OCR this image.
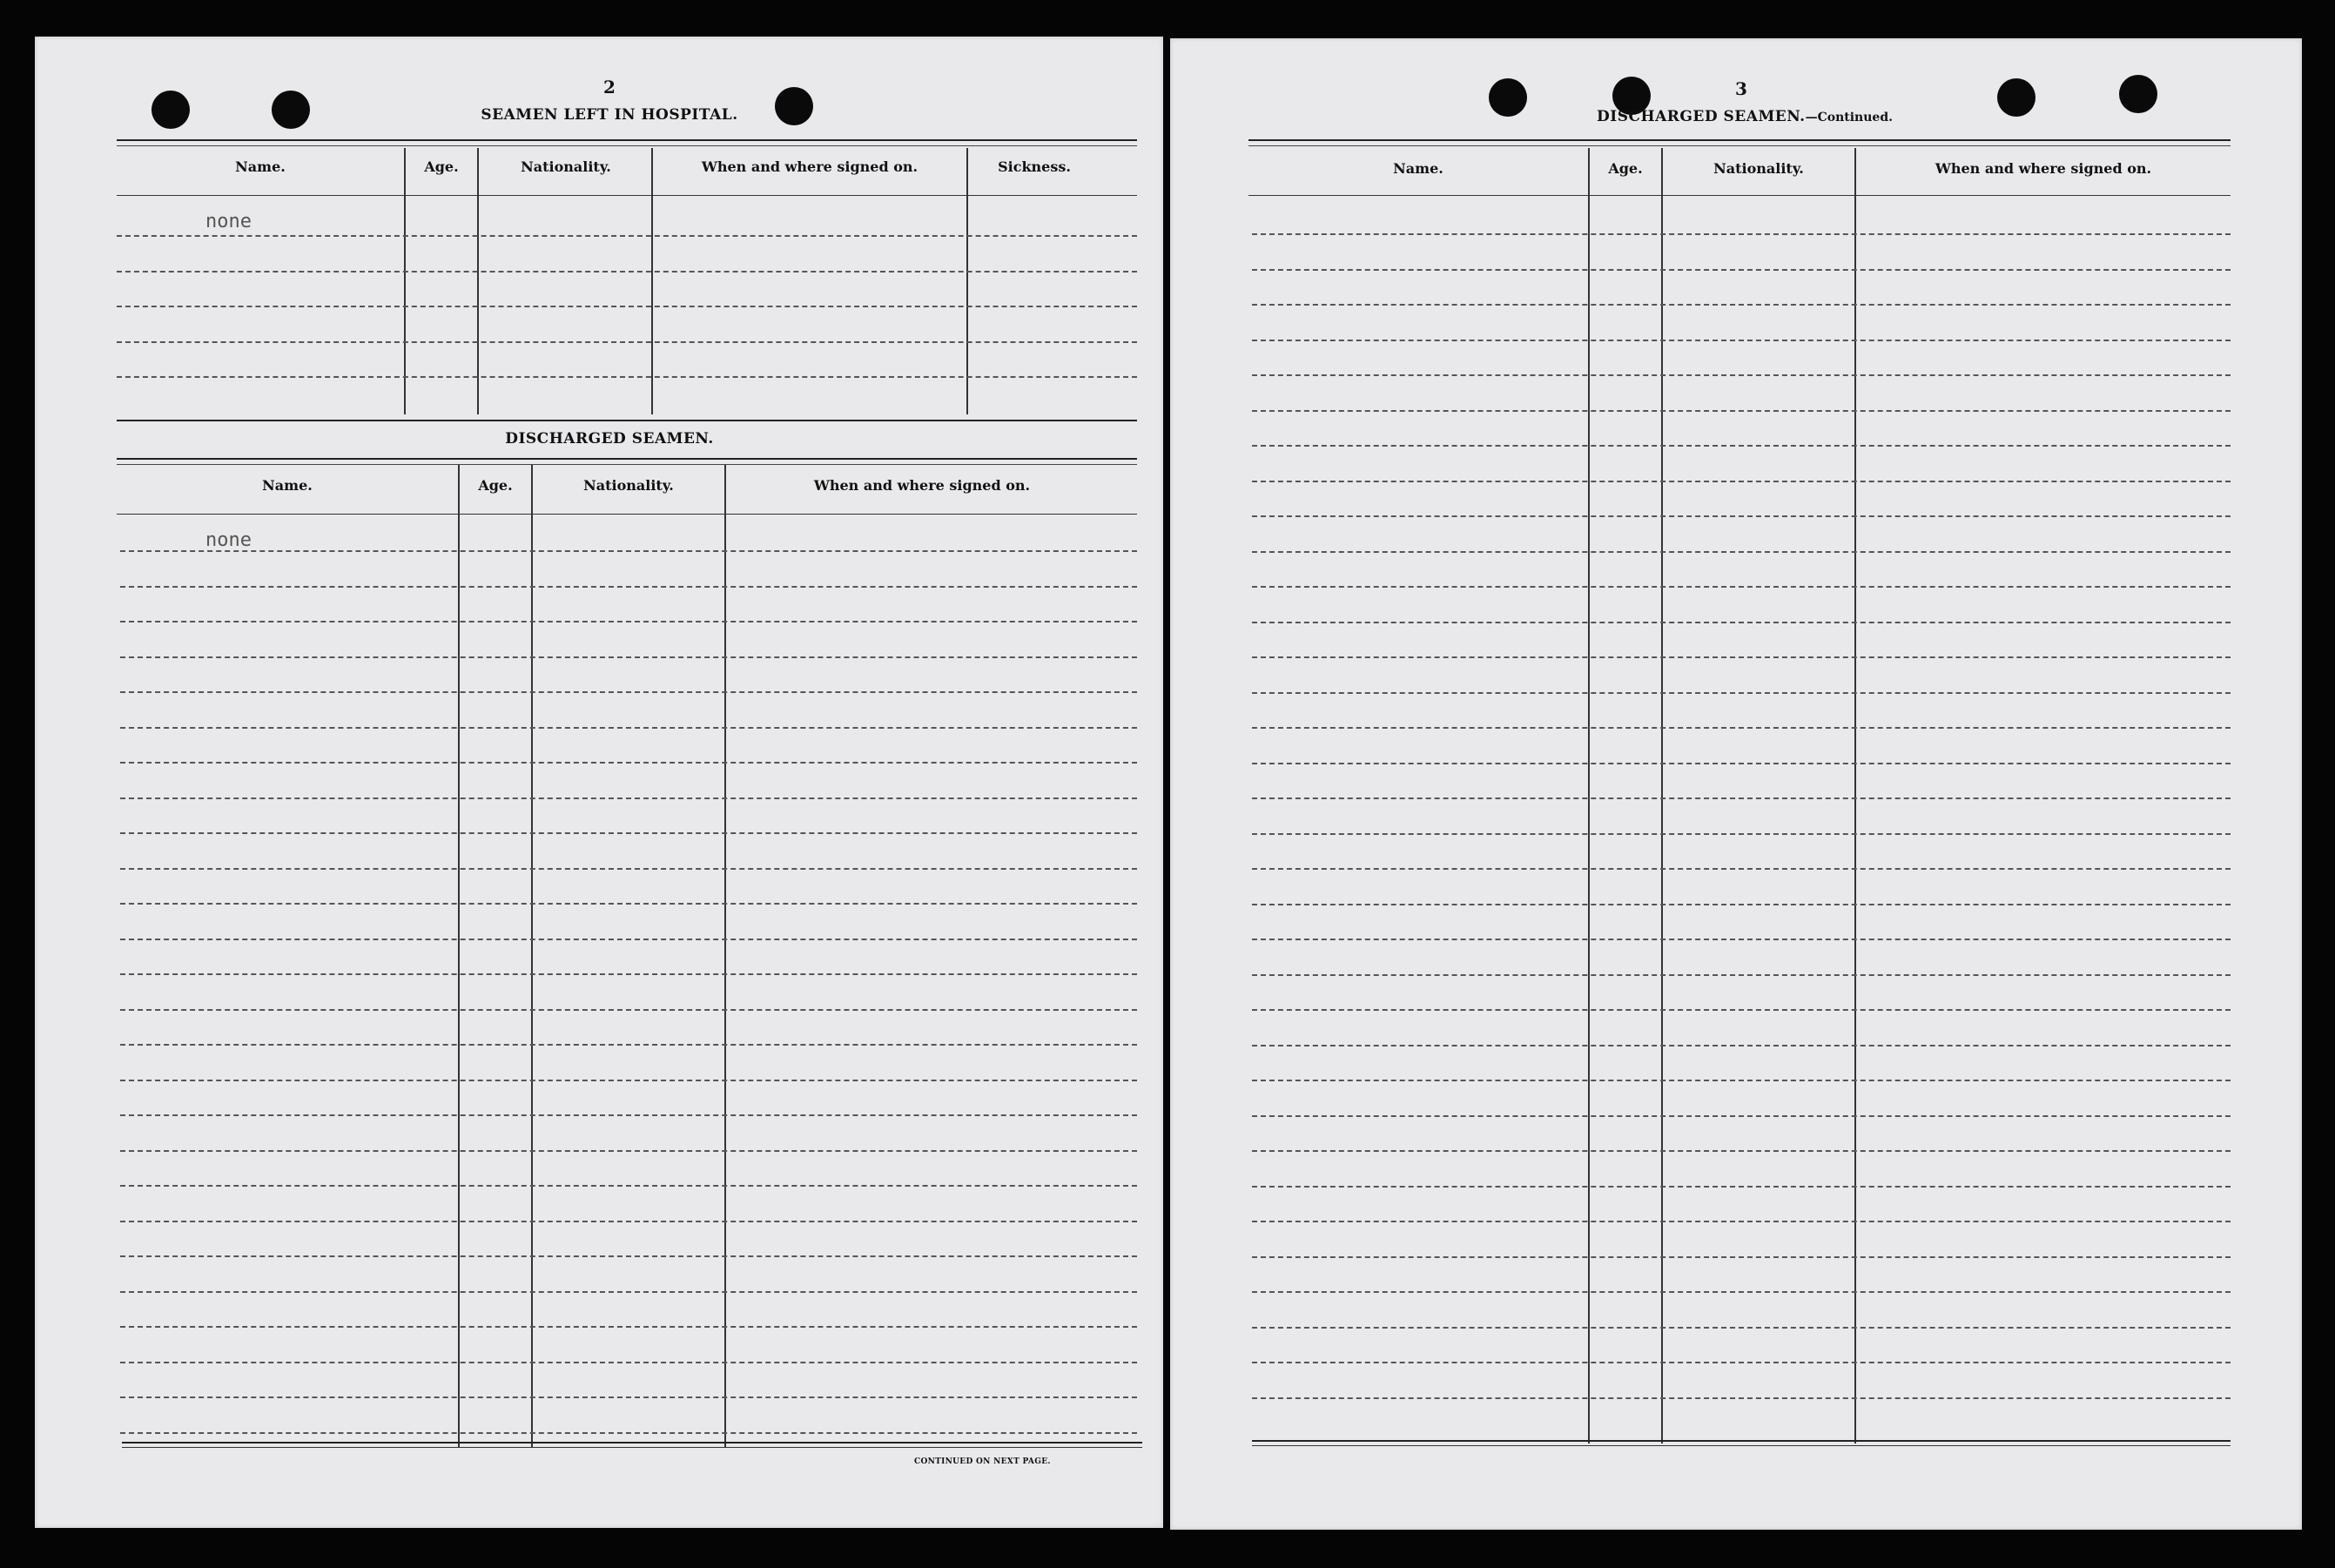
2
SEAMEN LEFT IN HOSPITAL.
Name.	Age.	Nationality.	When and where signed on.	Sickness.
none
DISCHARGED SEAMEN.
Name.	Age.	Nationality.	When and where signed on.
none
CONTINUED ON NEXT PAGE.
3
DISCHARGED SEAMEN.—Continued.
Name.	Age.	Nationality.	When and where signed on.
